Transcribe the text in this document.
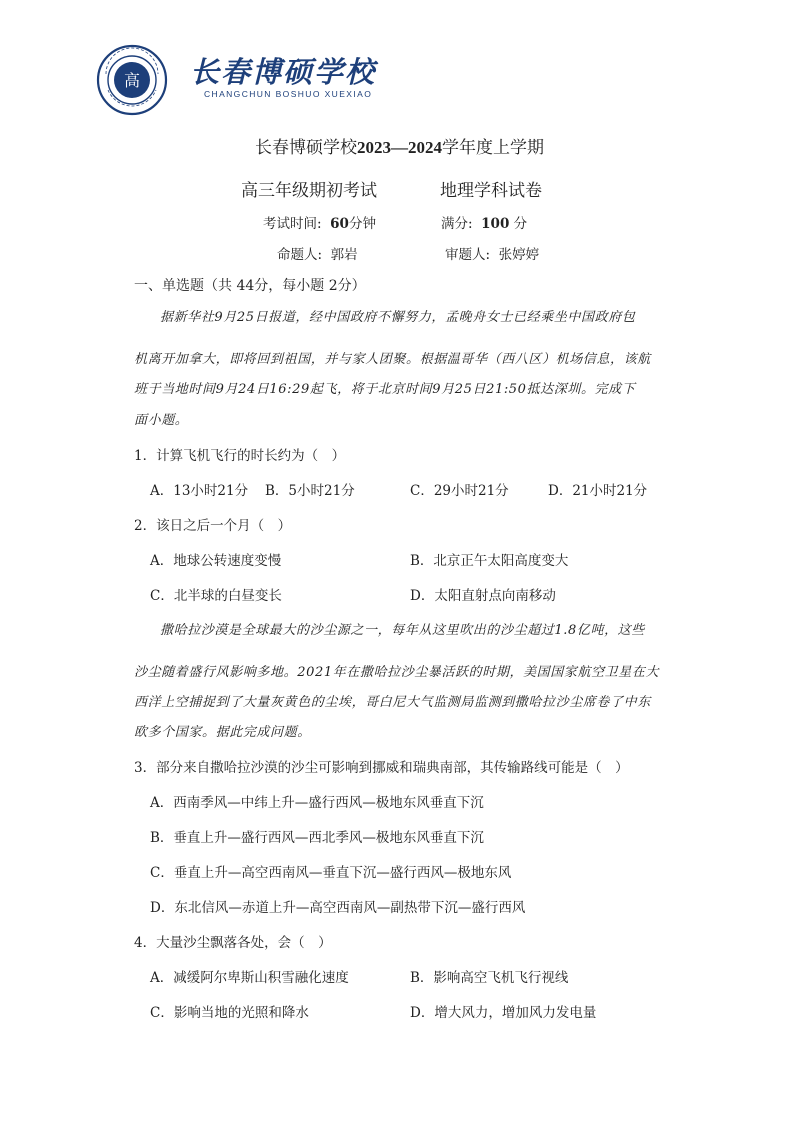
高 长春博硕学校
CHANGCHUN BOSHUO XUEXIAO
长春博硕学校2023—2024学年度上学期
高三年级期初考试	地理学科试卷
考试时间: 60分钟	满分: 100 分
命题人: 郭岩	审题人: 张婷婷
一、单选题（共 44分，每小题 2分）
据新华社9月25日报道，经中国政府不懈努力，孟晚舟女士已经乘坐中国政府包
机离开加拿大，即将回到祖国，并与家人团聚。根据温哥华（西八区）机场信息，该航
班于当地时间9月24日16:29起飞，将于北京时间9月25日21:50抵达深圳。完成下
面小题。
1．计算飞机飞行的时长约为（　）
A．13小时21分 B．5小时21分	C．29小时21分	D．21小时21分
2．该日之后一个月（　）
A．地球公转速度变慢	B．北京正午太阳高度变大
C．北半球的白昼变长	D．太阳直射点向南移动
撒哈拉沙漠是全球最大的沙尘源之一，每年从这里吹出的沙尘超过1.8亿吨，这些
沙尘随着盛行风影响多地。2021年在撒哈拉沙尘暴活跃的时期，美国国家航空卫星在大
西洋上空捕捉到了大量灰黄色的尘埃，哥白尼大气监测局监测到撒哈拉沙尘席卷了中东
欧多个国家。据此完成问题。
3．部分来自撒哈拉沙漠的沙尘可影响到挪威和瑞典南部，其传输路线可能是（　）
A．西南季风—中纬上升—盛行西风—极地东风垂直下沉
B．垂直上升—盛行西风—西北季风—极地东风垂直下沉
C．垂直上升—高空西南风—垂直下沉—盛行西风—极地东风
D．东北信风—赤道上升—高空西南风—副热带下沉—盛行西风
4．大量沙尘飘落各处，会（　）
A．减缓阿尔卑斯山积雪融化速度	B．影响高空飞机飞行视线
C．影响当地的光照和降水	D．增大风力，增加风力发电量
